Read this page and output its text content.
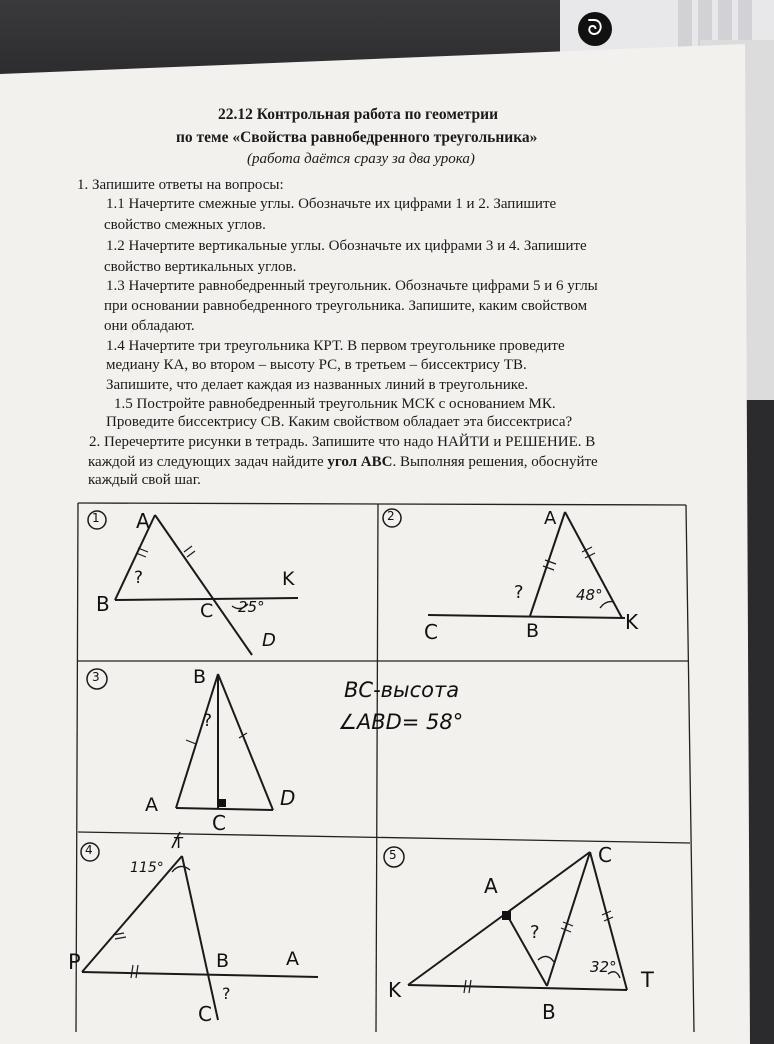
ᘐ
22.12 Контрольная работа по геометрии
по теме «Свойства равнобедренного треугольника»
(работа даётся сразу за два урока)
1. Запишите ответы на вопросы:
1.1 Начертите смежные углы. Обозначьте их цифрами 1 и 2. Запишите
свойство смежных углов.
1.2 Начертите вертикальные углы. Обозначьте их цифрами 3 и 4. Запишите
свойство вертикальных углов.
1.3 Начертите равнобедренный треугольник. Обозначьте цифрами 5 и 6 углы
при основании равнобедренного треугольника. Запишите, каким свойством
они обладают.
1.4 Начертите три треугольника КРТ. В первом треугольнике проведите
медиану КА, во втором – высоту РС, в третьем – биссектрису ТВ.
Запишите, что делает каждая из названных линий в треугольнике.
1.5 Постройте равнобедренный треугольник МСК с основанием МК.
Проведите биссектрису СВ. Каким свойством обладает эта биссектриса?
2. Перечертите рисунки в тетрадь. Запишите что надо НАЙТИ и РЕШЕНИЕ. В
каждой из следующих задач найдите угол АВС. Выполняя решения, обоснуйте
каждый свой шаг.
1	2
3
4	5
A
B	C
K
D
?
25°
A
C	B	K
?	48°
B
A
C
D
?
BC-высота
∠ABD= 58°
T
115°
P	B	A
C
?
A
C
K	T
B
?
32°
